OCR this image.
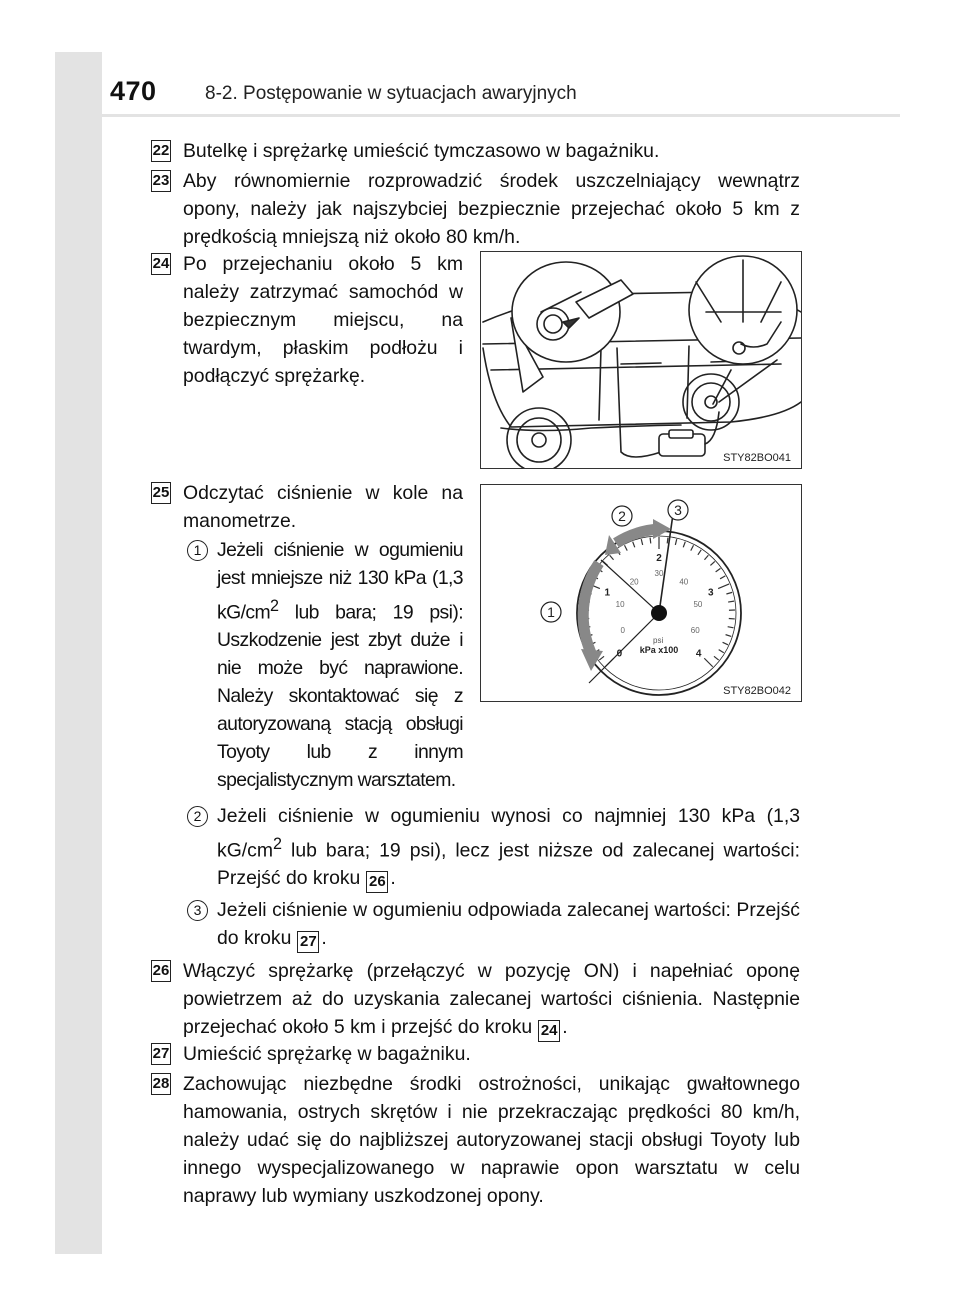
470	8-2. Postępowanie w sytuacjach awaryjnych
22 Butelkę i sprężarkę umieścić tymczasowo w bagażniku.
23 Aby równomiernie rozprowadzić środek uszczelniający wewnątrz opony, należy jak najszybciej bezpiecznie przejechać około 5 km z prędkością mniejszą niż około 80 km/h.
24 Po przejechaniu około 5 km należy zatrzymać samochód w bezpiecznym miejscu, na twardym, płaskim podłożu i podłączyć sprężarkę.
STY82BO041
25 Odczytać ciśnienie w kole na manometrze.
0
1
2
3
4
0
10
20
30
40
50
60
1
2	3
psi
kPa x100
STY82BO042
1 Jeżeli ciśnienie w ogumieniu jest mniejsze niż 130 kPa (1,3 $kG/cm^2$ lub bara; 19 psi): Uszkodzenie jest zbyt duże i nie może być naprawione. Należy skontaktować się z autoryzowaną stacją obsługi Toyoty lub z innym specjalistycznym warsztatem.
2 Jeżeli ciśnienie w ogumieniu wynosi co najmniej 130 kPa (1,3 $kG/cm^2$ lub bara; 19 psi), lecz jest niższe od zalecanej wartości: Przejść do kroku 26 .
3 Jeżeli ciśnienie w ogumieniu odpowiada zalecanej wartości: Przejść do kroku 27 .
26 Włączyć sprężarkę (przełączyć w pozycję ON) i napełniać oponę powietrzem aż do uzyskania zalecanej wartości ciśnienia. Następnie przejechać około 5 km i przejść do kroku 24 .
27 Umieścić sprężarkę w bagażniku.
28 Zachowując niezbędne środki ostrożności, unikając gwałtownego hamowania, ostrych skrętów i nie przekraczając prędkości 80 km/h, należy udać się do najbliższej autoryzowanej stacji obsługi Toyoty lub innego wyspecjalizowanego w naprawie opon warsztatu w celu naprawy lub wymiany uszkodzonej opony.
